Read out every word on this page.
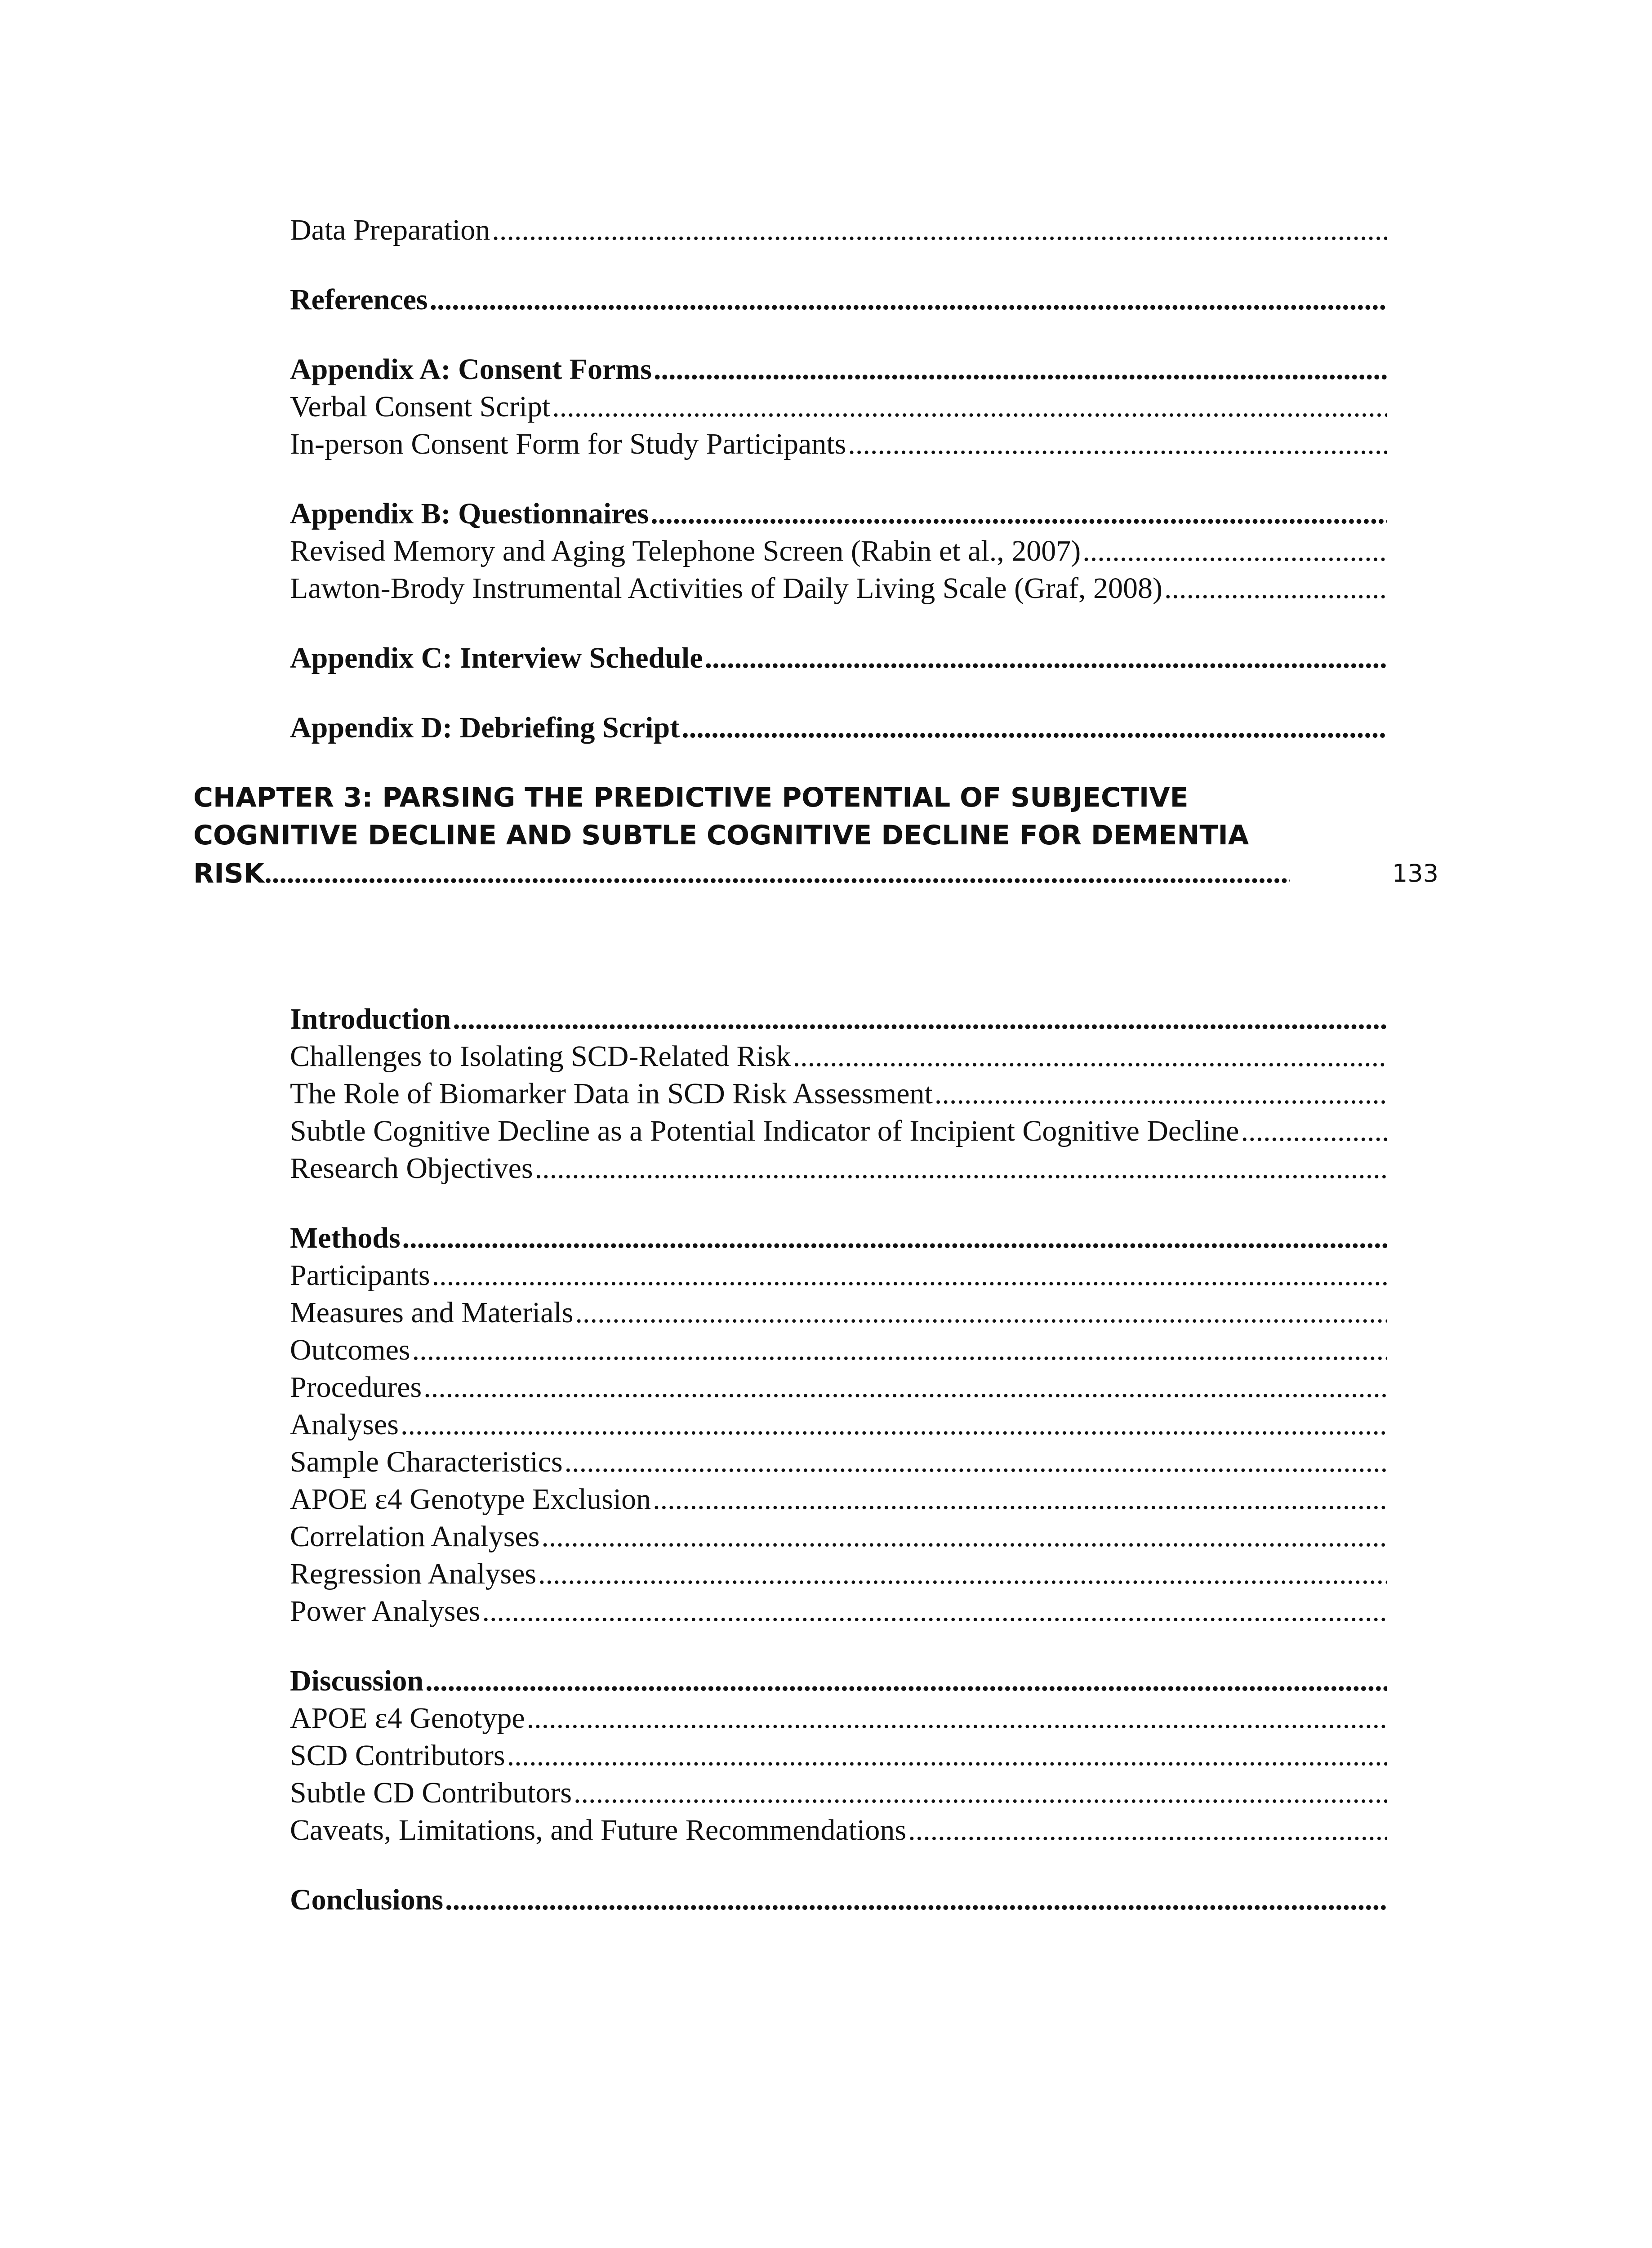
Data Preparation
.....
References
.....
Appendix A: Consent Forms
.....
Verbal Consent Script
.....
In-person Consent Form for Study Participants
.....
Appendix B: Questionnaires
.....
Revised Memory and Aging Telephone Screen (Rabin et al., 2007)
.....
Lawton-Brody Instrumental Activities of Daily Living Scale (Graf, 2008)
.....
Appendix C: Interview Schedule
.....
Appendix D: Debriefing Script
.....
CHAPTER 3: PARSING THE PREDICTIVE POTENTIAL OF SUBJECTIVE
COGNITIVE DECLINE AND SUBTLE COGNITIVE DECLINE FOR DEMENTIA
RISK
.....	133
Introduction
.....
Challenges to Isolating SCD-Related Risk
.....
The Role of Biomarker Data in SCD Risk Assessment
.....
Subtle Cognitive Decline as a Potential Indicator of Incipient Cognitive Decline
.....
Research Objectives
.....
Methods
.....
Participants
.....
Measures and Materials
.....
Outcomes
.....
Procedures
.....
Analyses
.....
Sample Characteristics
.....
APOE ε4 Genotype Exclusion
.....
Correlation Analyses
.....
Regression Analyses
.....
Power Analyses
.....
Discussion
.....
APOE ε4 Genotype
.....
SCD Contributors
.....
Subtle CD Contributors
.....
Caveats, Limitations, and Future Recommendations
.....
Conclusions
.....
